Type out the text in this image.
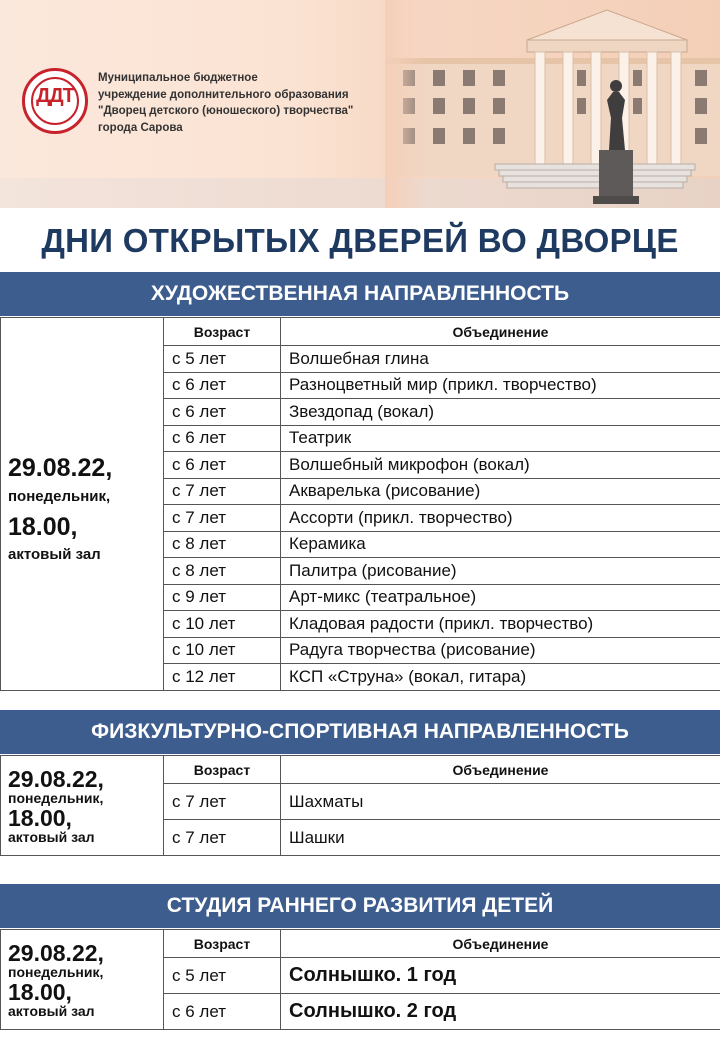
ДДТ
Муниципальное бюджетное
учреждение дополнительного образования
"Дворец детского (юношеского) творчества"
города Сарова
ДНИ ОТКРЫТЫХ ДВЕРЕЙ ВО ДВОРЦЕ
ХУДОЖЕСТВЕННАЯ НАПРАВЛЕННОСТЬ
29.08.22,
понедельник,
18.00,
актовый зал	Возраст	Объединение
	с 5 лет	Волшебная глина
	с 6 лет	Разноцветный мир (прикл. творчество)
	с 6 лет	Звездопад (вокал)
	с 6 лет	Театрик
	с 6 лет	Волшебный микрофон (вокал)
	с 7 лет	Акварелька (рисование)
	с 7 лет	Ассорти (прикл. творчество)
	с 8 лет	Керамика
	с 8 лет	Палитра (рисование)
	с 9 лет	Арт-микс (театральное)
	с 10 лет	Кладовая радости (прикл. творчество)
	с 10 лет	Радуга творчества (рисование)
	с 12 лет	КСП «Струна» (вокал, гитара)
ФИЗКУЛЬТУРНО-СПОРТИВНАЯ НАПРАВЛЕННОСТЬ
29.08.22,
понедельник,
18.00,
актовый зал	Возраст	Объединение
	с 7 лет	Шахматы
	с 7 лет	Шашки
СТУДИЯ РАННЕГО РАЗВИТИЯ ДЕТЕЙ
29.08.22,
понедельник,
18.00,
актовый зал	Возраст	Объединение
	с 5 лет	Солнышко. 1 год
	с 6 лет	Солнышко. 2 год
